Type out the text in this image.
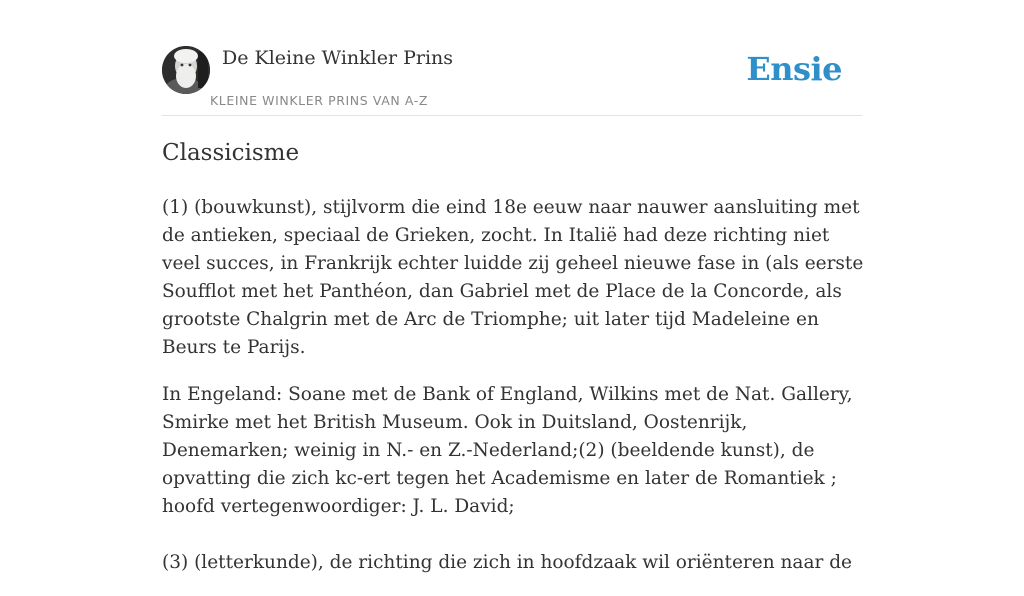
De Kleine Winkler Prins
KLEINE WINKLER PRINS VAN A-Z
Ensie
Classicisme

(1) (bouwkunst), stijlvorm die eind 18e eeuw naar nauwer aansluiting met de antieken, speciaal de Grieken, zocht. In Italië had deze richting niet veel succes, in Frankrijk echter luidde zij geheel nieuwe fase in (als eerste Soufflot met het Panthéon, dan Gabriel met de Place de la Concorde, als grootste Chalgrin met de Arc de Triomphe; uit later tijd Madeleine en Beurs te Parijs.

In Engeland: Soane met de Bank of England, Wilkins met de Nat. Gallery, Smirke met het British Museum. Ook in Duitsland, Oostenrijk, Denemarken; weinig in N.- en Z.-Nederland;(2) (beeldende kunst), de opvatting die zich kc-ert tegen het Academisme en later de Romantiek ; hoofd vertegenwoordiger: J. L. David;

(3) (letterkunde), de richting die zich in hoofdzaak wil oriënteren naar de
